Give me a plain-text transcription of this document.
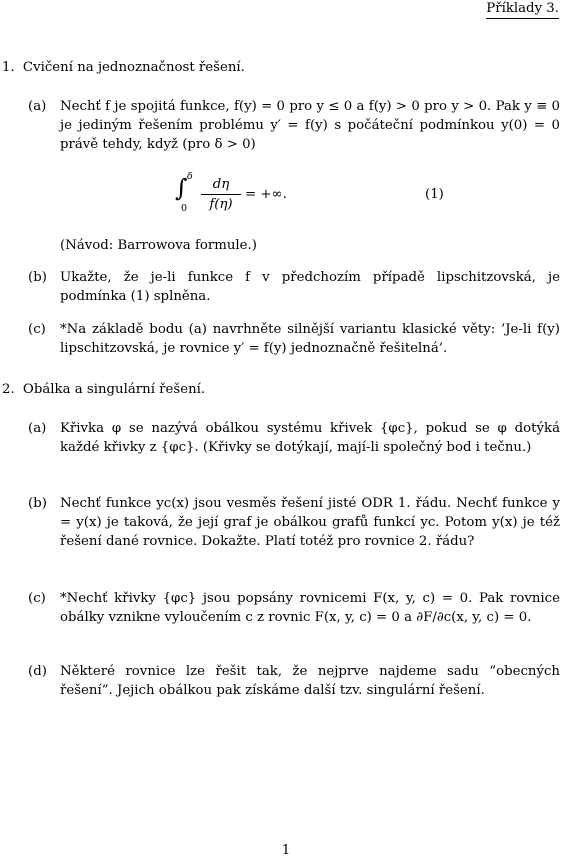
Příklady 3.
1. Cvičení na jednoznačnost řešení.
(a) Nechť f je spojitá funkce, f(y) = 0 pro y ≤ 0 a f(y) > 0 pro y > 0. Pak y ≡ 0 je jediným řešením problému y′ = f(y) s počáteční podmínkou y(0) = 0 právě tehdy, když (pro δ > 0)
∫ δ
0
dη
f(η)
= +∞.	(1)
(Návod: Barrowova formule.)
(b) Ukažte, že je-li funkce f v předchozím případě lipschitzovská, je podmínka (1) splněna.
(c) *Na základě bodu (a) navrhněte silnější variantu klasické věty: ’Je-li f(y) lipschitzovská, je rovnice y′ = f(y) jednoznačně řešitelná’.
2. Obálka a singulární řešení.
(a) Křivka φ se nazývá obálkou systému křivek {φc}, pokud se φ dotýká každé křivky z {φc}. (Křivky se dotýkají, mají-li společný bod i tečnu.)
(b) Nechť funkce yc(x) jsou vesměs řešení jisté ODR 1. řádu. Nechť funkce y = y(x) je taková, že její graf je obálkou grafů funkcí yc. Potom y(x) je též řešení dané rovnice. Dokažte. Platí totéž pro rovnice 2. řádu?
(c) *Nechť křivky {φc} jsou popsány rovnicemi F(x, y, c) = 0. Pak rovnice obálky vznikne vyloučením c z rovnic F(x, y, c) = 0 a ∂F/∂c(x, y, c) = 0.
(d) Některé rovnice lze řešit tak, že nejprve najdeme sadu “obecných řešení”. Jejich obálkou pak získáme další tzv. singulární řešení.
1
